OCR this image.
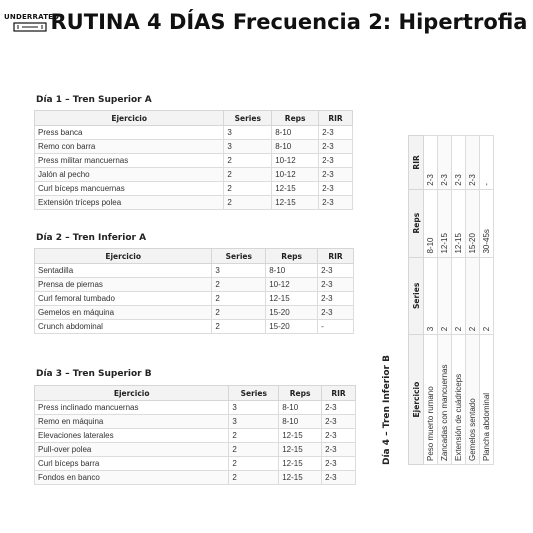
UNDERRATED
RUTINA 4 DÍAS Frecuencia 2: Hipertrofia
Día 1 – Tren Superior A
Ejercicio	Series	Reps	RIR
Press banca	3	8-10	2-3
Remo con barra	3	8-10	2-3
Press militar mancuernas	2	10-12	2-3
Jalón al pecho	2	10-12	2-3
Curl bíceps mancuernas	2	12-15	2-3
Extensión tríceps polea	2	12-15	2-3
Día 2 – Tren Inferior A
Ejercicio	Series	Reps	RIR
Sentadilla	3	8-10	2-3
Prensa de piernas	2	10-12	2-3
Curl femoral tumbado	2	12-15	2-3
Gemelos en máquina	2	15-20	2-3
Crunch abdominal	2	15-20	-
Día 3 – Tren Superior B
Ejercicio	Series	Reps	RIR
Press inclinado mancuernas	3	8-10	2-3
Remo en máquina	3	8-10	2-3
Elevaciones laterales	2	12-15	2-3
Pull-over polea	2	12-15	2-3
Curl bíceps barra	2	12-15	2-3
Fondos en banco	2	12-15	2-3
Día 4 – Tren Inferior B	Ejercicio	Series	Reps	RIR
Peso muerto rumano	3	8-10	2-3
Zancadas con mancuernas	2	12-15	2-3
Extensión de cuádriceps	2	12-15	2-3
Gemelos sentado	2	15-20	2-3
Plancha abdominal	2	30-45s	-
